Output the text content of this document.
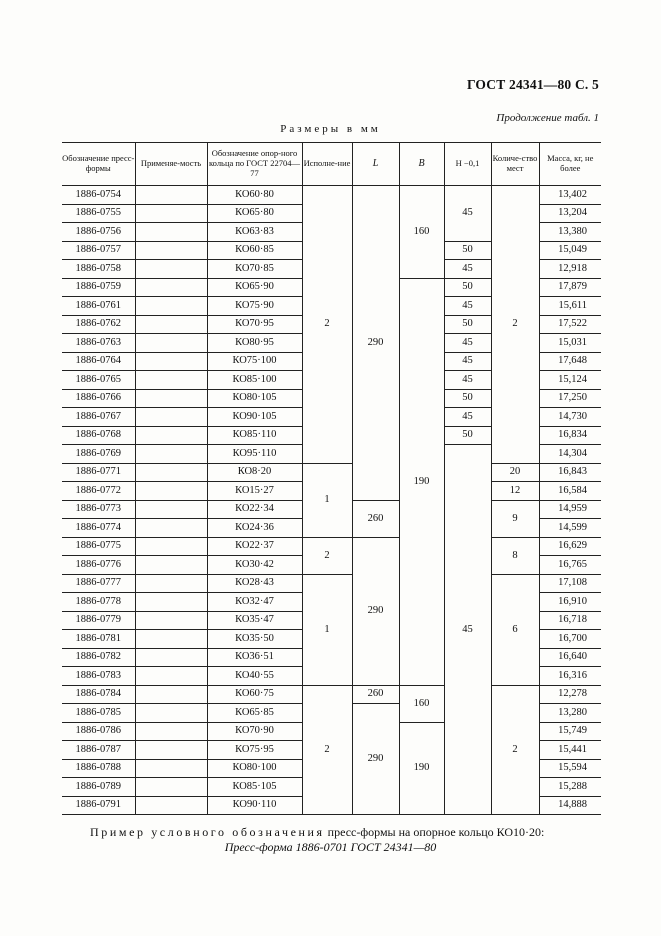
ГОСТ 24341—80 С. 5
Продолжение табл. 1
Размеры в мм
Обозначение пресс-формы	Применяе-мость	Обозначение опор-ного кольца по ГОСТ 22704—77	Исполне-ние	L	B	H −0,1	Количе-ство мест	Масса, кг, не более
1886-0754		КО60·80	2	290	160	45	2	13,402
1886-0755		КО65·80						13,204
1886-0756		КО63·83						13,380
1886-0757		КО60·85				50		15,049
1886-0758		КО70·85				45		12,918
1886-0759		КО65·90			190	50		17,879
1886-0761		КО75·90				45		15,611
1886-0762		КО70·95				50		17,522
1886-0763		КО80·95				45		15,031
1886-0764		КО75·100				45		17,648
1886-0765		КО85·100				45		15,124
1886-0766		КО80·105				50		17,250
1886-0767		КО90·105				45		14,730
1886-0768		КО85·110				50		16,834
1886-0769		КО95·110				45		14,304
1886-0771		КО8·20	1				20	16,843
1886-0772		КО15·27					12	16,584
1886-0773		КО22·34		260			9	14,959
1886-0774		КО24·36						14,599
1886-0775		КО22·37	2	290			8	16,629
1886-0776		КО30·42						16,765
1886-0777		КО28·43	1				6	17,108
1886-0778		КО32·47						16,910
1886-0779		КО35·47						16,718
1886-0781		КО35·50						16,700
1886-0782		КО36·51						16,640
1886-0783		КО40·55						16,316
1886-0784		КО60·75	2	260	160		2	12,278
1886-0785		КО65·85		290				13,280
1886-0786		КО70·90			190			15,749
1886-0787		КО75·95						15,441
1886-0788		КО80·100						15,594
1886-0789		КО85·105						15,288
1886-0791		КО90·110						14,888
Пример условного обозначения пресс-формы на опорное кольцо КО10·20:
Пресс-форма 1886-0701 ГОСТ 24341—80
